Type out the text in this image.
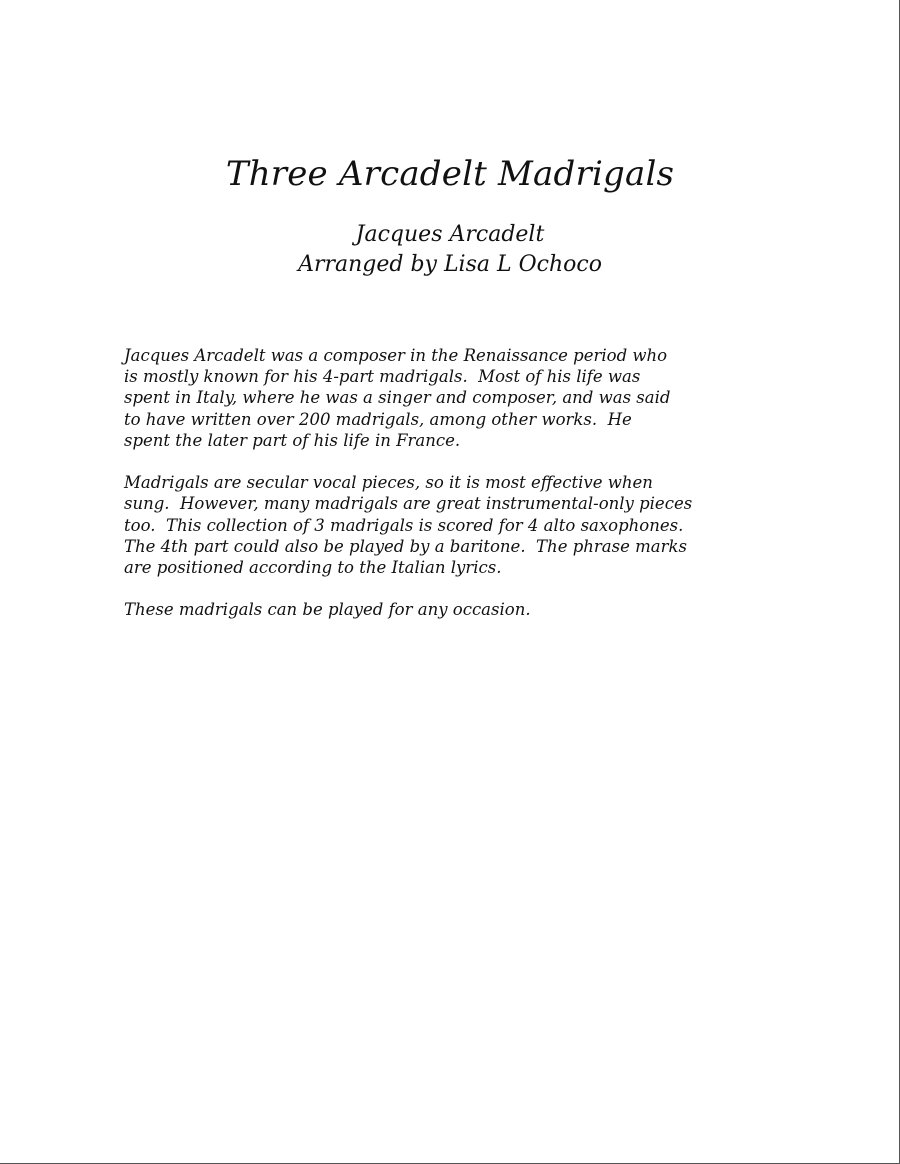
Three Arcadelt Madrigals
Jacques Arcadelt
Arranged by Lisa L Ochoco

Jacques Arcadelt was a composer in the Renaissance period who
is mostly known for his 4-part madrigals.  Most of his life was
spent in Italy, where he was a singer and composer, and was said
to have written over 200 madrigals, among other works.  He
spent the later part of his life in France.

Madrigals are secular vocal pieces, so it is most effective when
sung.  However, many madrigals are great instrumental-only pieces
too.  This collection of 3 madrigals is scored for 4 alto saxophones.
The 4th part could also be played by a baritone.  The phrase marks
are positioned according to the Italian lyrics.

These madrigals can be played for any occasion.
